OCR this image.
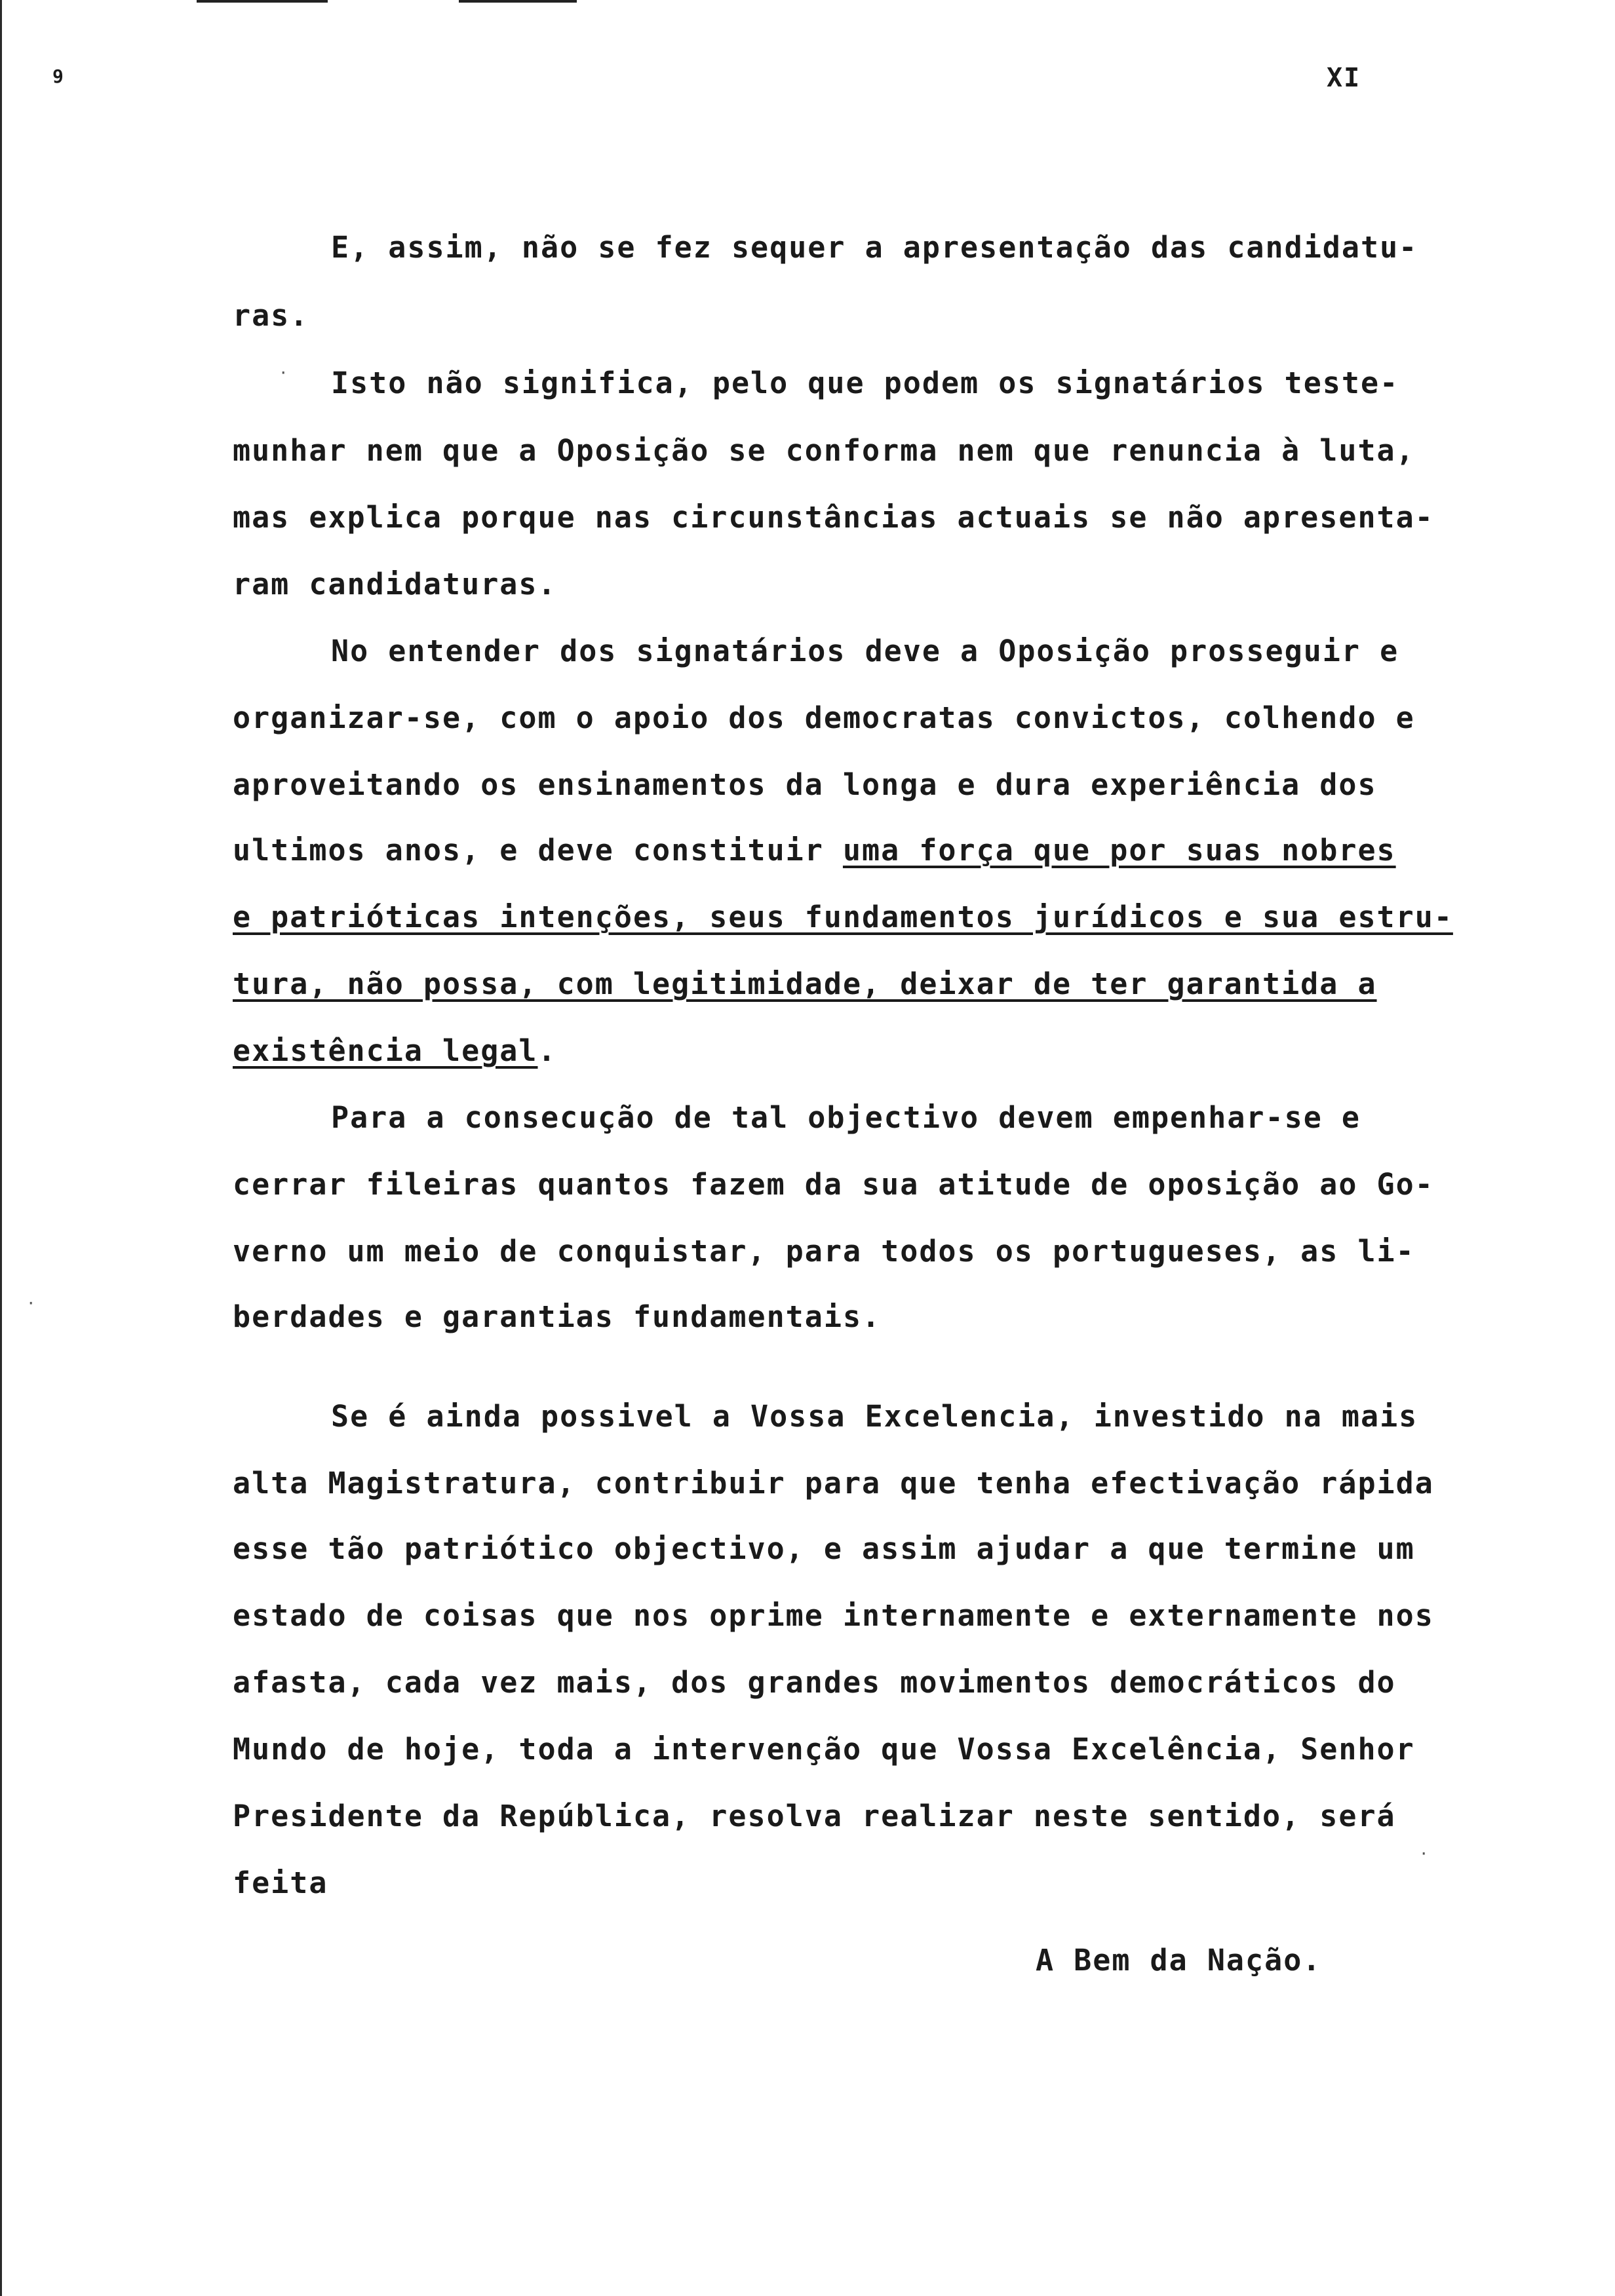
9	XI
E, assim, não se fez sequer a apresentação das candidatu-
ras.
Isto não significa, pelo que podem os signatários teste-
munhar nem que a Oposição se conforma nem que renuncia à luta,
mas explica porque nas circunstâncias actuais se não apresenta-
ram candidaturas.
No entender dos signatários deve a Oposição prosseguir e
organizar-se, com o apoio dos democratas convictos, colhendo e
aproveitando os ensinamentos da longa e dura experiência dos
ultimos anos, e deve constituir uma força que por suas nobres
e patrióticas intenções, seus fundamentos jurídicos e sua estru-
tura, não possa, com legitimidade, deixar de ter garantida a
existência legal.
Para a consecução de tal objectivo devem empenhar-se e
cerrar fileiras quantos fazem da sua atitude de oposição ao Go-
verno um meio de conquistar, para todos os portugueses, as li-
berdades e garantias fundamentais.
Se é ainda possivel a Vossa Excelencia, investido na mais
alta Magistratura, contribuir para que tenha efectivação rápida
esse tão patriótico objectivo, e assim ajudar a que termine um
estado de coisas que nos oprime internamente e externamente nos
afasta, cada vez mais, dos grandes movimentos democráticos do
Mundo de hoje, toda a intervenção que Vossa Excelência, Senhor
Presidente da República, resolva realizar neste sentido, será
feita
A Bem da Nação.
·
·
·
